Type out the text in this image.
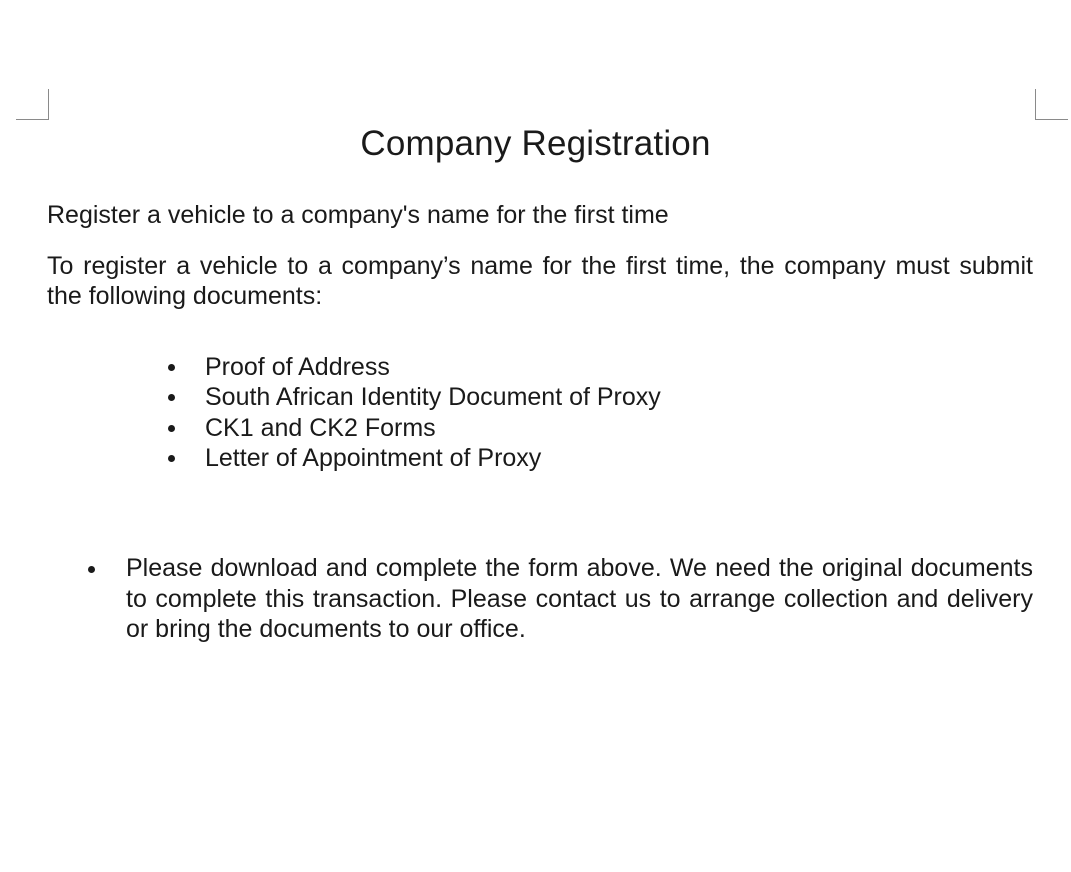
Company Registration

Register a vehicle to a company's name for the first time

To register a vehicle to a company’s name for the first time, the company must submit the following documents:

Proof of Address
South African Identity Document of Proxy
CK1 and CK2 Forms
Letter of Appointment of Proxy

Please download and complete the form above. We need the original documents to complete this transaction. Please contact us to arrange collection and delivery or bring the documents to our office.
